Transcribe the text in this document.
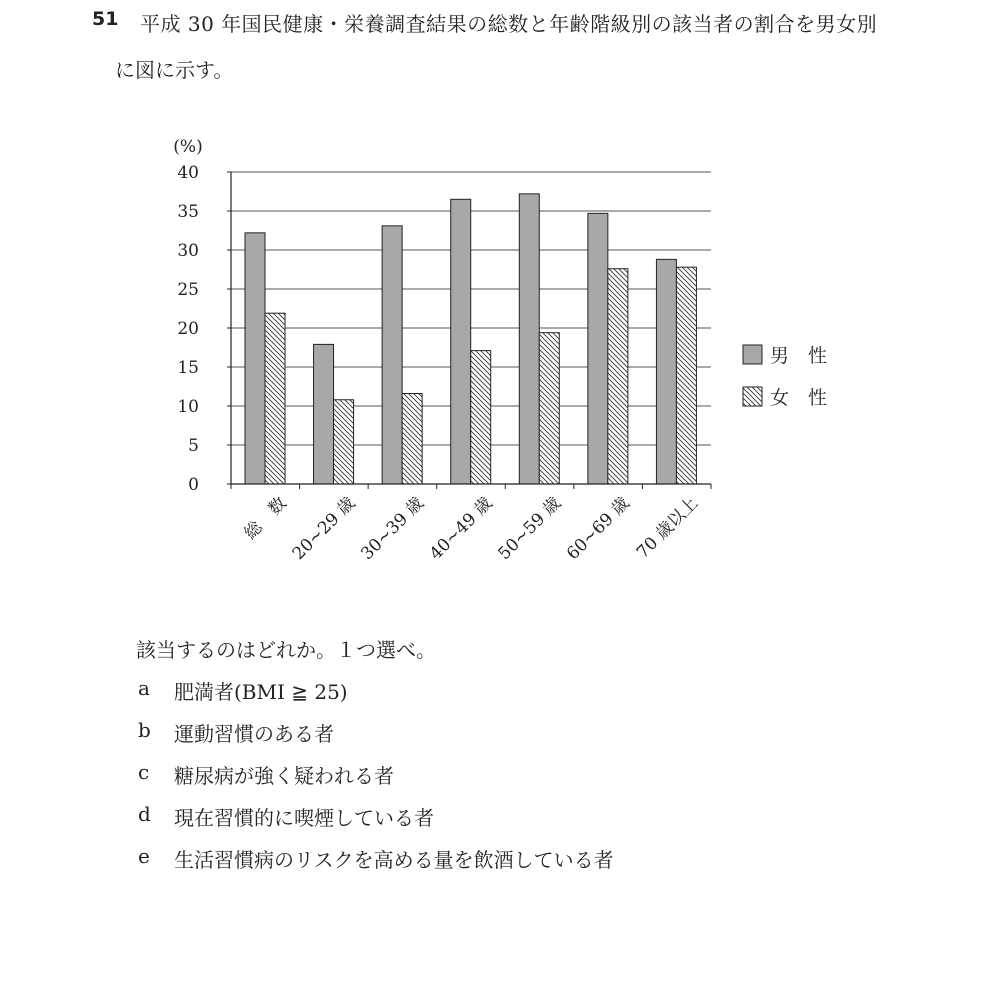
51 平成 30 年国民健康・栄養調査結果の総数と年齢階級別の該当者の割合を男女別
に図に示す。
0
5
10
15
20
25
30
35
40
(%)
総　数
20~29 歳
30~39 歳
40~49 歳
50~59 歳
60~69 歳 70 歳以上
男　性
女　性
該当するのはどれか。１つ選べ。
a	肥満者(BMI ≧ 25)
b	運動習慣のある者
c	糖尿病が強く疑われる者
d	現在習慣的に喫煙している者
e	生活習慣病のリスクを高める量を飲酒している者
